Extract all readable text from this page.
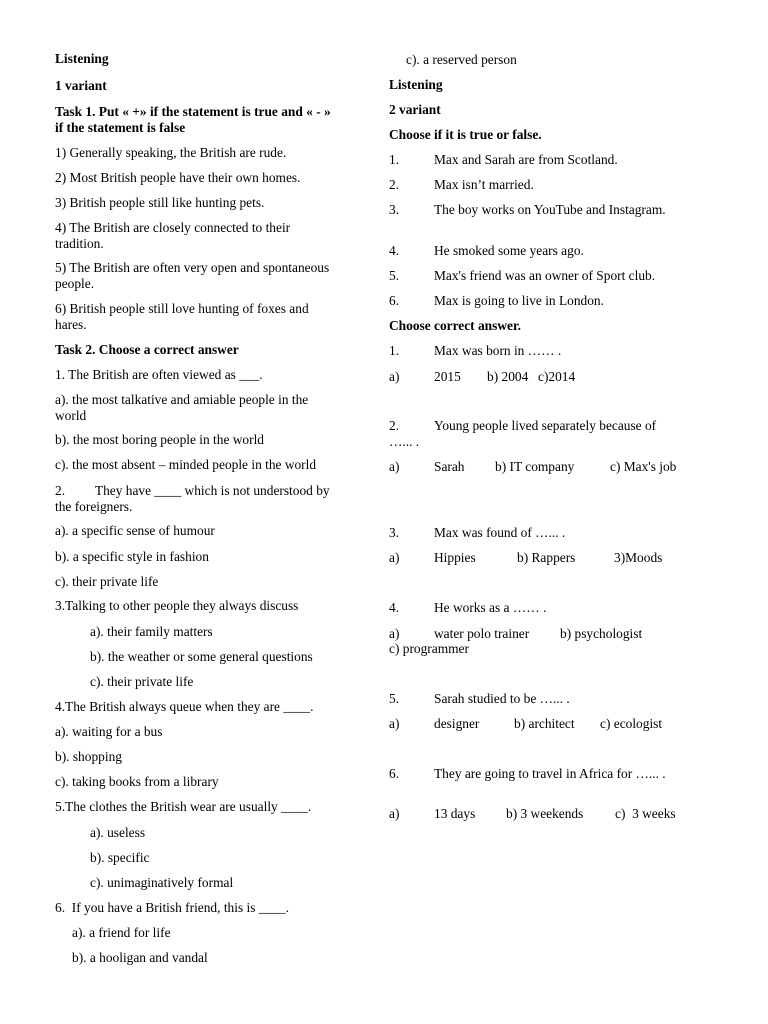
Listening
1 variant
Task 1. Put « +» if the statement is true and « - » if the statement is false
1) Generally speaking, the British are rude.
2) Most British people have their own homes.
3) British people still like hunting pets.
4) The British are closely connected to their tradition.
5) The British are often very open and spontaneous people.
6) British people still love hunting of foxes and hares.
Task 2. Choose a correct answer
1. The British are often viewed as ___.
a). the most talkative and amiable people in the world
b). the most boring people in the world
c). the most absent – minded people in the world
2.         They have ____ which is not understood by the foreigners.
a). a specific sense of humour
b). a specific style in fashion
c). their private life
3.Talking to other people they always discuss
a). their family matters
b). the weather or some general questions
c). their private life
4.The British always queue when they are ____.
a). waiting for a bus
b). shopping
c). taking books from a library
5.The clothes the British wear are usually ____.
a). useless
b). specific
c). unimaginatively formal
6.  If you have a British friend, this is ____.
a). a friend for life
b). a hooligan and vandal
c). a reserved person
Listening
2 variant
Choose if it is true or false.
1.	Max and Sarah are from Scotland.
2.	Max isn’t married.
3.	The boy works on YouTube and Instagram.
4.	He smoked some years ago.
5.	Max's friend was an owner of Sport club.
6.	Max is going to live in London.
Choose correct answer.
1.	Max was born in …… .
a)	2015 b) 2004 c)2014
2.	Young people lived separately because of …... .
a)	Sarah b) IT company	c) Max's job
3.	Max was found of …... .
a)	Hippies	b) Rappers	3)Moods
4.	He works as a …… .
a)	water polo trainer b) psychologist
c) programmer
5.	Sarah studied to be …... .
a)	designer	b) architect c) ecologist
6.	They are going to travel in Africa for …... .
a)	13 days b) 3 weekends c)  3 weeks
